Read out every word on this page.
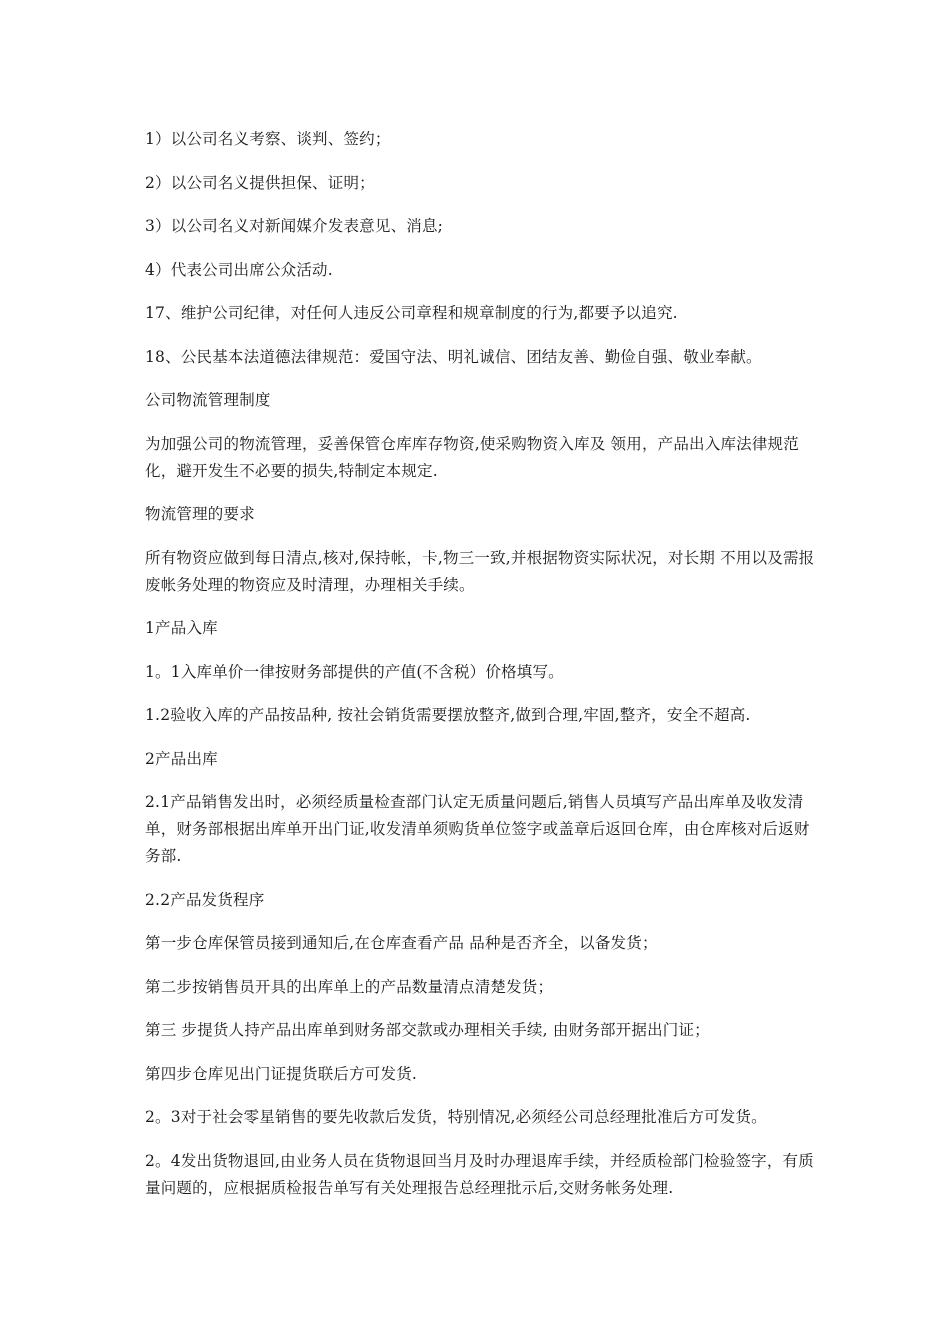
1）以公司名义考察、谈判、签约；

2）以公司名义提供担保、证明；

3）以公司名义对新闻媒介发表意见、消息;

4）代表公司出席公众活动.

17、维护公司纪律，对任何人违反公司章程和规章制度的行为,都要予以追究.

18、公民基本法道德法律规范：爱国守法、明礼诚信、团结友善、勤俭自强、敬业奉献。

公司物流管理制度

为加强公司的物流管理，妥善保管仓库库存物资,使采购物资入库及 领用，产品出入库法律规范化，避开发生不必要的损失,特制定本规定.

物流管理的要求

所有物资应做到每日清点,核对,保持帐，卡,物三一致,并根据物资实际状况，对长期 不用以及需报废帐务处理的物资应及时清理，办理相关手续。

1产品入库

1。1入库单价一律按财务部提供的产值(不含税）价格填写。

1.2验收入库的产品按品种, 按社会销货需要摆放整齐,做到合理,牢固,整齐，安全不超高.

2产品出库

2.1产品销售发出时，必须经质量检查部门认定无质量问题后,销售人员填写产品出库单及收发清单，财务部根据出库单开出门证,收发清单须购货单位签字或盖章后返回仓库，由仓库核对后返财务部.

2.2产品发货程序

第一步仓库保管员接到通知后,在仓库查看产品 品种是否齐全，以备发货；

第二步按销售员开具的出库单上的产品数量清点清楚发货；

第三 步提货人持产品出库单到财务部交款或办理相关手续, 由财务部开据出门证；

第四步仓库见出门证提货联后方可发货.

2。3对于社会零星销售的要先收款后发货，特别情况,必须经公司总经理批准后方可发货。

2。4发出货物退回,由业务人员在货物退回当月及时办理退库手续，并经质检部门检验签字，有质量问题的，应根据质检报告单写有关处理报告总经理批示后,交财务帐务处理.
